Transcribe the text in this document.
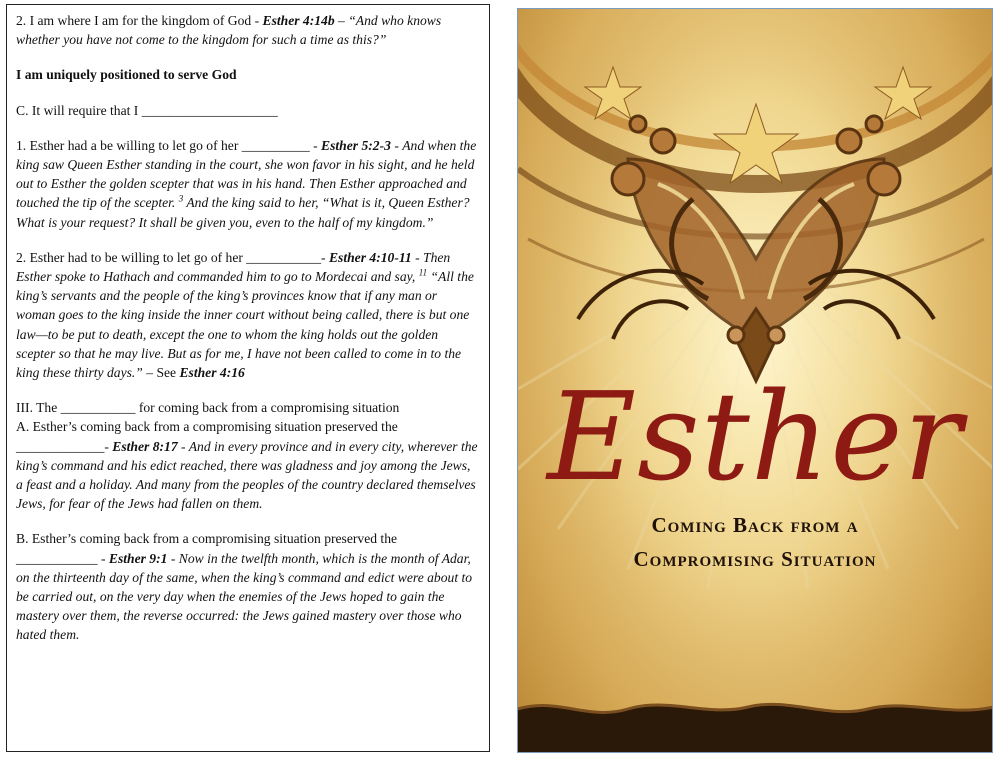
2. I am where I am for the kingdom of God - Esther 4:14b – “And who knows whether you have not come to the kingdom for such a time as this?”

I am uniquely positioned to serve God

C. It will require that I ____________________

1. Esther had a be willing to let go of her __________ - Esther 5:2-3 - And when the king saw Queen Esther standing in the court, she won favor in his sight, and he held out to Esther the golden scepter that was in his hand. Then Esther approached and touched the tip of the scepter. $^3$ And the king said to her, “What is it, Queen Esther? What is your request? It shall be given you, even to the half of my kingdom.”

2. Esther had to be willing to let go of her ___________- Esther 4:10-11 - Then Esther spoke to Hathach and commanded him to go to Mordecai and say, $^{11}$ “All the king’s servants and the people of the king’s provinces know that if any man or woman goes to the king inside the inner court without being called, there is but one law—to be put to death, except the one to whom the king holds out the golden scepter so that he may live. But as for me, I have not been called to come in to the king these thirty days.” – See Esther 4:16

III. The ___________ for coming back from a compromising situation
A. Esther’s coming back from a compromising situation preserved the _____________- Esther 8:17 - And in every province and in every city, wherever the king’s command and his edict reached, there was gladness and joy among the Jews, a feast and a holiday. And many from the peoples of the country declared themselves Jews, for fear of the Jews had fallen on them.

B. Esther’s coming back from a compromising situation preserved the ____________ - Esther 9:1 - Now in the twelfth month, which is the month of Adar, on the thirteenth day of the same, when the king’s command and edict were about to be carried out, on the very day when the enemies of the Jews hoped to gain the mastery over them, the reverse occurred: the Jews gained mastery over those who hated them.

Esther
Coming Back from a
Compromising Situation
